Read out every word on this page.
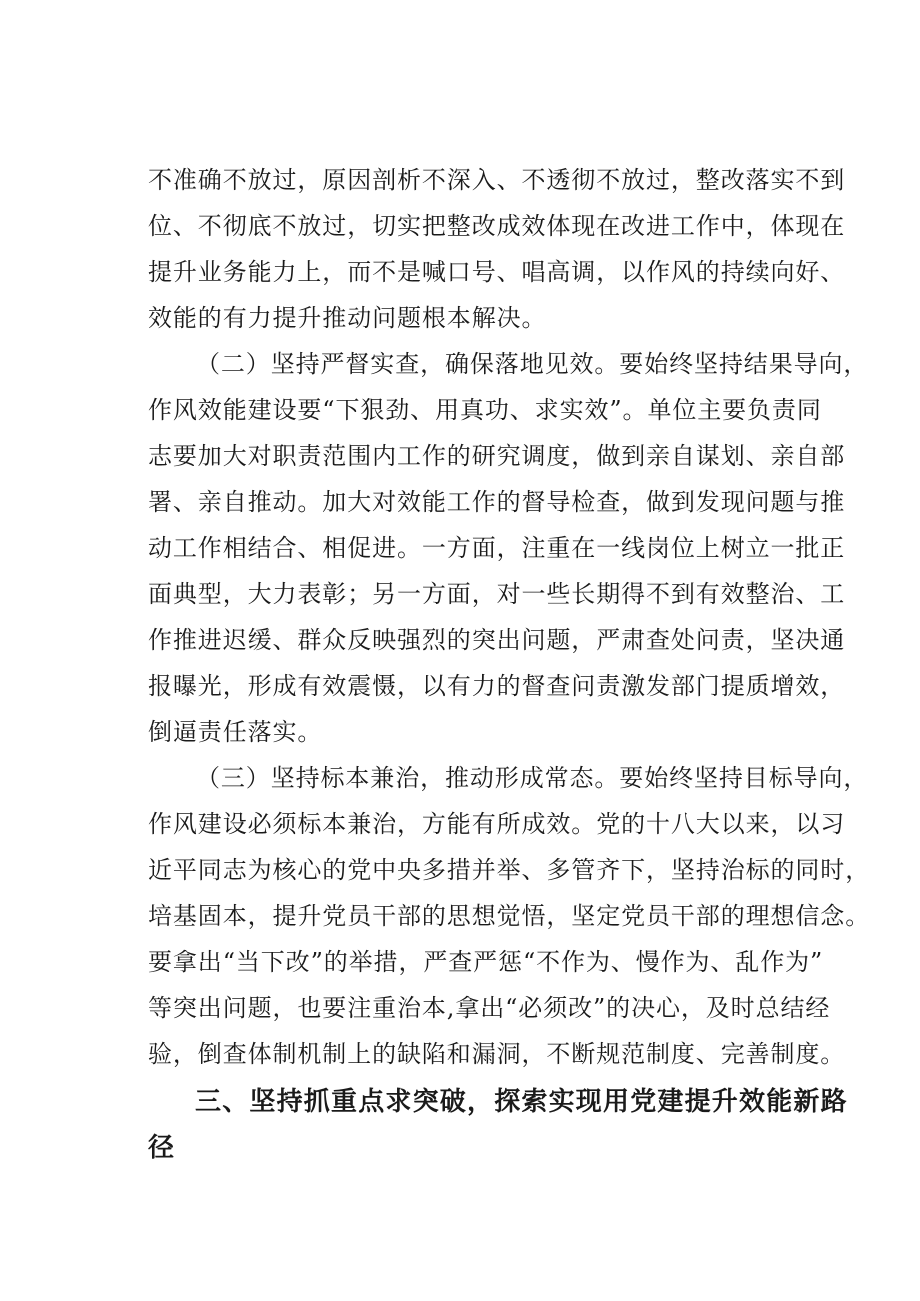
不准确不放过，原因剖析不深入、不透彻不放过，整改落实不到
位、不彻底不放过，切实把整改成效体现在改进工作中，体现在
提升业务能力上，而不是喊口号、唱高调，以作风的持续向好、
效能的有力提升推动问题根本解决。
（二）坚持严督实查，确保落地见效。要始终坚持结果导向，
作风效能建设要“下狠劲、用真功、求实效”。单位主要负责同
志要加大对职责范围内工作的研究调度，做到亲自谋划、亲自部
署、亲自推动。加大对效能工作的督导检查，做到发现问题与推
动工作相结合、相促进。一方面，注重在一线岗位上树立一批正
面典型，大力表彰；另一方面，对一些长期得不到有效整治、工
作推进迟缓、群众反映强烈的突出问题，严肃查处问责，坚决通
报曝光，形成有效震慑，以有力的督查问责激发部门提质增效，
倒逼责任落实。
（三）坚持标本兼治，推动形成常态。要始终坚持目标导向，
作风建设必须标本兼治，方能有所成效。党的十八大以来，以习
近平同志为核心的党中央多措并举、多管齐下，坚持治标的同时，
培基固本，提升党员干部的思想觉悟，坚定党员干部的理想信念。
要拿出“当下改”的举措，严查严惩“不作为、慢作为、乱作为”
等突出问题，也要注重治本,拿出“必须改”的决心，及时总结经
验，倒查体制机制上的缺陷和漏洞，不断规范制度、完善制度。
三、坚持抓重点求突破，探索实现用党建提升效能新路
径
